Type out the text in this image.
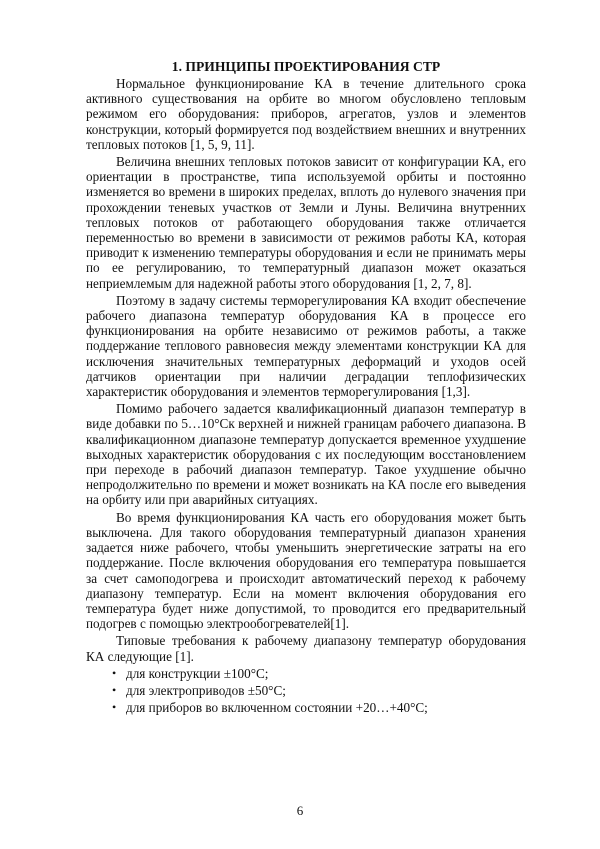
1. ПРИНЦИПЫ ПРОЕКТИРОВАНИЯ СТР

Нормальное функционирование КА в течение длительного срока активного существования на орбите во многом обусловлено тепловым режимом его оборудования: приборов, агрегатов, узлов и элементов конструкции, который формируется под воздействием внешних и внутренних тепловых потоков [1, 5, 9, 11].

Величина внешних тепловых потоков зависит от конфигурации КА, его ориентации в пространстве, типа используемой орбиты и постоянно изменяется во времени в широких пределах, вплоть до нулевого значения при прохождении теневых участков от Земли и Луны. Величина внутренних тепловых потоков от работающего оборудования также отличается переменностью во времени в зависимости от режимов работы КА, которая приводит к изменению температуры оборудования и если не принимать меры по ее регулированию, то температурный диапазон может оказаться неприемлемым для надежной работы этого оборудования [1, 2, 7, 8].

Поэтому в задачу системы терморегулирования КА входит обеспечение рабочего диапазона температур оборудования КА в процессе его функционирования на орбите независимо от режимов работы, а также поддержание теплового равновесия между элементами конструкции КА для исключения значительных температурных деформаций и уходов осей датчиков ориентации при наличии деградации теплофизических характеристик оборудования и элементов терморегулирования [1,3].

Помимо рабочего задается квалификационный диапазон температур в виде добавки по 5…10°Ск верхней и нижней границам рабочего диапазона. В квалификационном диапазоне температур допускается временное ухудшение выходных характеристик оборудования с их последующим восстановлением при переходе в рабочий диапазон температур. Такое ухудшение обычно непродолжительно по времени и может возникать на КА после его выведения на орбиту или при аварийных ситуациях.

Во время функционирования КА часть его оборудования может быть выключена. Для такого оборудования температурный диапазон хранения задается ниже рабочего, чтобы уменьшить энергетические затраты на его поддержание. После включения оборудования его температура повышается за счет самоподогрева и происходит автоматический переход к рабочему диапазону температур. Если на момент включения оборудования его температура будет ниже допустимой, то проводится его предварительный подогрев с помощью электрообогревателей[1].

Типовые требования к рабочему диапазону температур оборудования КА следующие [1].

• для конструкции ±100°С;
• для электроприводов ±50°С;
• для приборов во включенном состоянии +20…+40°С;
6
